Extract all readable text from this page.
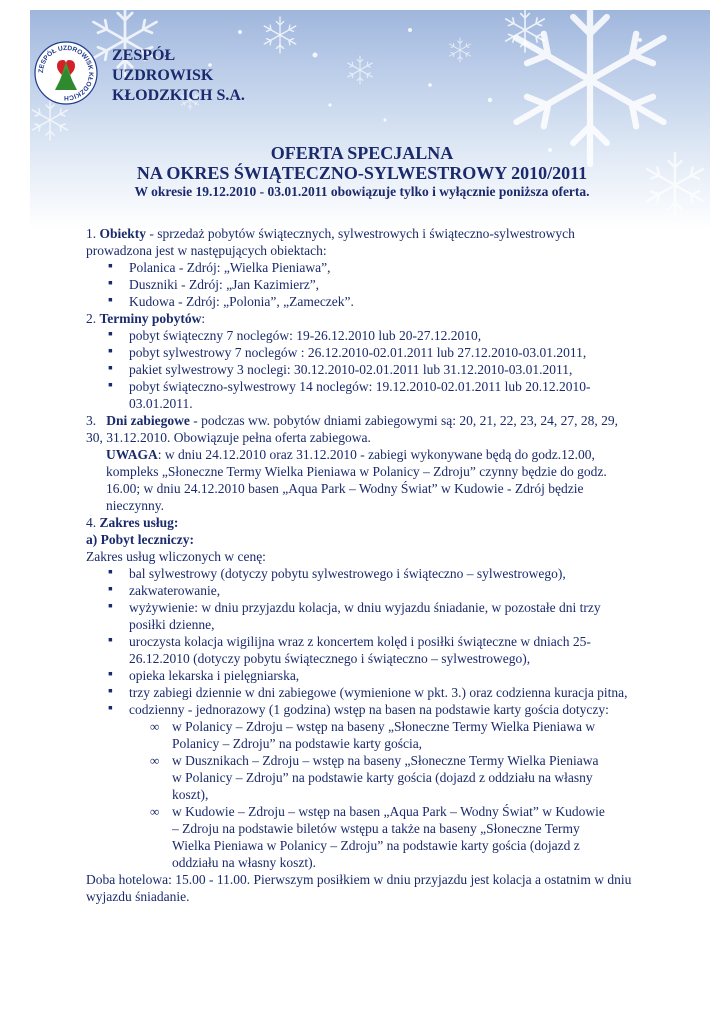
ZESPÓŁ UZDROWISK KŁODZKICH
ZESPÓŁ
UZDROWISK
KŁODZKICH S.A.
OFERTA SPECJALNA
NA OKRES ŚWIĄTECZNO-SYLWESTROWY 2010/2011
W okresie 19.12.2010 - 03.01.2011 obowiązuje tylko i wyłącznie poniższa oferta.

1. Obiekty - sprzedaż pobytów świątecznych, sylwestrowych i świąteczno-sylwestrowych prowadzona jest w następujących obiektach:

▪ Polanica - Zdrój: „Wielka Pieniawa”,
▪ Duszniki - Zdrój: „Jan Kazimierz”,
▪ Kudowa - Zdrój: „Polonia”, „Zameczek”.

2. Terminy pobytów:

▪ pobyt świąteczny 7 noclegów: 19-26.12.2010 lub 20-27.12.2010,
▪ pobyt sylwestrowy 7 noclegów : 26.12.2010-02.01.2011 lub 27.12.2010-03.01.2011,
▪ pakiet sylwestrowy 3 noclegi: 30.12.2010-02.01.2011 lub 31.12.2010-03.01.2011,
▪ pobyt świąteczno-sylwestrowy 14 noclegów: 19.12.2010-02.01.2011 lub 20.12.2010-03.01.2011.

3.   Dni zabiegowe - podczas ww. pobytów dniami zabiegowymi są: 20, 21, 22, 23, 24, 27, 28, 29, 30, 31.12.2010. Obowiązuje pełna oferta zabiegowa.

UWAGA: w dniu 24.12.2010 oraz 31.12.2010 - zabiegi wykonywane będą do godz.12.00, kompleks „Słoneczne Termy Wielka Pieniawa w Polanicy – Zdroju” czynny będzie do godz. 16.00; w dniu 24.12.2010 basen „Aqua Park – Wodny Świat” w Kudowie - Zdrój będzie nieczynny.

4. Zakres usług:

a) Pobyt leczniczy:

Zakres usług wliczonych w cenę:

▪ bal sylwestrowy (dotyczy pobytu sylwestrowego i świąteczno – sylwestrowego),
▪ zakwaterowanie,
▪ wyżywienie: w dniu przyjazdu kolacja, w dniu wyjazdu śniadanie, w pozostałe dni trzy posiłki dzienne,
▪ uroczysta kolacja wigilijna wraz z koncertem kolęd i posiłki świąteczne w dniach 25-26.12.2010 (dotyczy pobytu świątecznego i świąteczno – sylwestrowego),
▪ opieka lekarska i pielęgniarska,
▪ trzy zabiegi dziennie w dni zabiegowe (wymienione w pkt. 3.) oraz codzienna kuracja pitna,
▪ codzienny - jednorazowy (1 godzina) wstęp na basen na podstawie karty gościa dotyczy:
∞ w Polanicy – Zdroju – wstęp na baseny „Słoneczne Termy Wielka Pieniawa w Polanicy – Zdroju” na podstawie karty gościa,
∞ w Dusznikach – Zdroju – wstęp na baseny „Słoneczne Termy Wielka Pieniawa w Polanicy – Zdroju” na podstawie karty gościa (dojazd z oddziału na własny koszt),
∞ w Kudowie – Zdroju – wstęp na basen „Aqua Park – Wodny Świat” w Kudowie – Zdroju na podstawie biletów wstępu a także na baseny „Słoneczne Termy Wielka Pieniawa w Polanicy – Zdroju” na podstawie karty gościa (dojazd z oddziału na własny koszt).

Doba hotelowa: 15.00 - 11.00. Pierwszym posiłkiem w dniu przyjazdu jest kolacja a ostatnim w dniu wyjazdu śniadanie.
